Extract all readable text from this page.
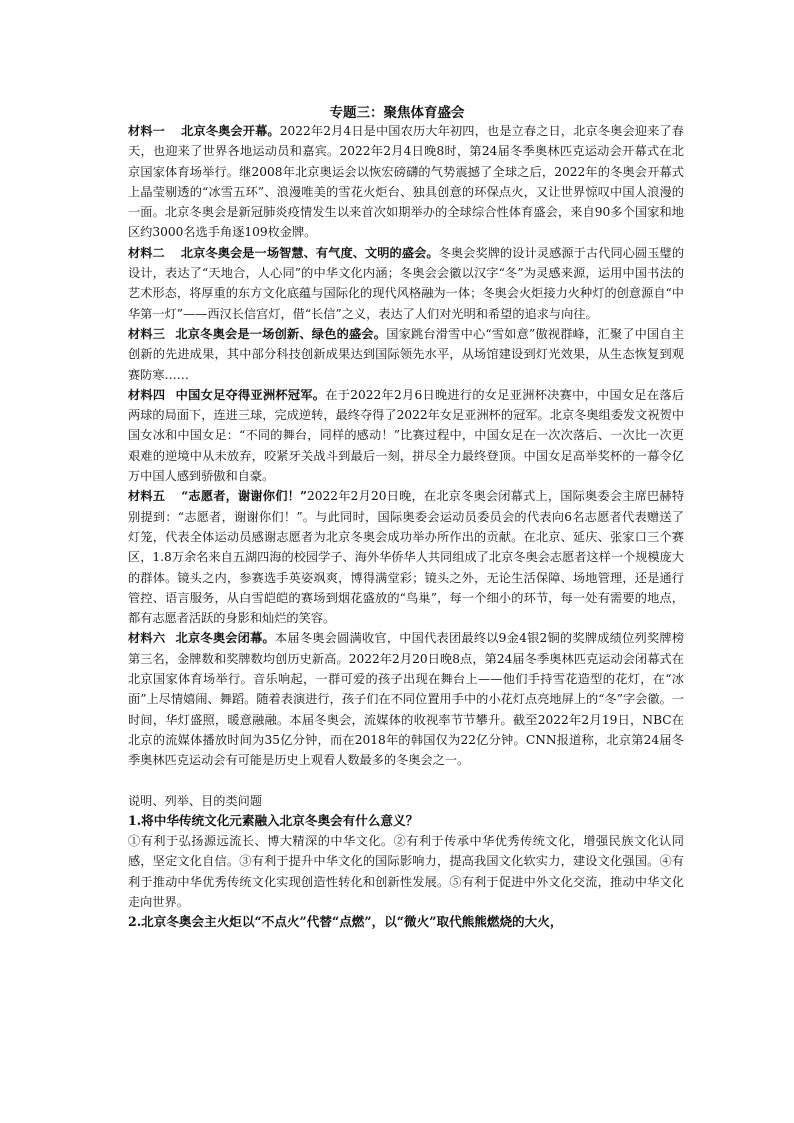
专题三：聚焦体育盛会

材料一 北京冬奥会开幕。2022年2月4日是中国农历大年初四，也是立春之日，北京冬奥会迎来了春天，也迎来了世界各地运动员和嘉宾。2022年2月4日晚8时，第24届冬季奥林匹克运动会开幕式在北京国家体育场举行。继2008年北京奥运会以恢宏磅礴的气势震撼了全球之后，2022年的冬奥会开幕式上晶莹剔透的“冰雪五环”、浪漫唯美的雪花火炬台、独具创意的环保点火，又让世界惊叹中国人浪漫的一面。北京冬奥会是新冠肺炎疫情发生以来首次如期举办的全球综合性体育盛会，来自90多个国家和地区约3000名选手角逐109枚金牌。

材料二 北京冬奥会是一场智慧、有气度、文明的盛会。冬奥会奖牌的设计灵感源于古代同心圆玉璧的设计，表达了“天地合，人心同”的中华文化内涵；冬奥会会徽以汉字“冬”为灵感来源，运用中国书法的艺术形态，将厚重的东方文化底蕴与国际化的现代风格融为一体；冬奥会火炬接力火种灯的创意源自“中华第一灯”——西汉长信宫灯，借“长信”之义，表达了人们对光明和希望的追求与向往。

材料三 北京冬奥会是一场创新、绿色的盛会。国家跳台滑雪中心“雪如意”傲视群峰，汇聚了中国自主创新的先进成果，其中部分科技创新成果达到国际领先水平，从场馆建设到灯光效果，从生态恢复到观赛防寒……

材料四 中国女足夺得亚洲杯冠军。在于2022年2月6日晚进行的女足亚洲杯决赛中，中国女足在落后两球的局面下，连进三球，完成逆转，最终夺得了2022年女足亚洲杯的冠军。北京冬奥组委发文祝贺中国女冰和中国女足：“不同的舞台，同样的感动！”比赛过程中，中国女足在一次次落后、一次比一次更艰难的逆境中从未放弃，咬紧牙关战斗到最后一刻，拼尽全力最终登顶。中国女足高举奖杯的一幕令亿万中国人感到骄傲和自豪。

材料五 “志愿者，谢谢你们！”2022年2月20日晚，在北京冬奥会闭幕式上，国际奥委会主席巴赫特别提到：“志愿者，谢谢你们！”。与此同时，国际奥委会运动员委员会的代表向6名志愿者代表赠送了灯笼，代表全体运动员感谢志愿者为北京冬奥会成功举办所作出的贡献。在北京、延庆、张家口三个赛区，1.8万余名来自五湖四海的校园学子、海外华侨华人共同组成了北京冬奥会志愿者这样一个规模庞大的群体。镜头之内，参赛选手英姿飒爽，博得满堂彩；镜头之外，无论生活保障、场地管理，还是通行管控、语言服务，从白雪皑皑的赛场到烟花盛放的“鸟巢”，每一个细小的环节，每一处有需要的地点，都有志愿者活跃的身影和灿烂的笑容。

材料六 北京冬奥会闭幕。本届冬奥会圆满收官，中国代表团最终以9金4银2铜的奖牌成绩位列奖牌榜第三名，金牌数和奖牌数均创历史新高。2022年2月20日晚8点，第24届冬季奥林匹克运动会闭幕式在北京国家体育场举行。音乐响起，一群可爱的孩子出现在舞台上——他们手持雪花造型的花灯，在“冰面”上尽情嬉闹、舞蹈。随着表演进行，孩子们在不同位置用手中的小花灯点亮地屏上的“冬”字会徽。一时间，华灯盛照，暖意融融。本届冬奥会，流媒体的收视率节节攀升。截至2022年2月19日，NBC在北京的流媒体播放时间为35亿分钟，而在2018年的韩国仅为22亿分钟。CNN报道称，北京第24届冬季奥林匹克运动会有可能是历史上观看人数最多的冬奥会之一。

说明、列举、目的类问题

1.将中华传统文化元素融入北京冬奥会有什么意义？

①有利于弘扬源远流长、博大精深的中华文化。②有利于传承中华优秀传统文化，增强民族文化认同感，坚定文化自信。③有利于提升中华文化的国际影响力，提高我国文化软实力，建设文化强国。④有利于推动中华优秀传统文化实现创造性转化和创新性发展。⑤有利于促进中外文化交流，推动中华文化走向世界。

2.北京冬奥会主火炬以“不点火”代替“点燃”，以“微火”取代熊熊燃烧的大火，
